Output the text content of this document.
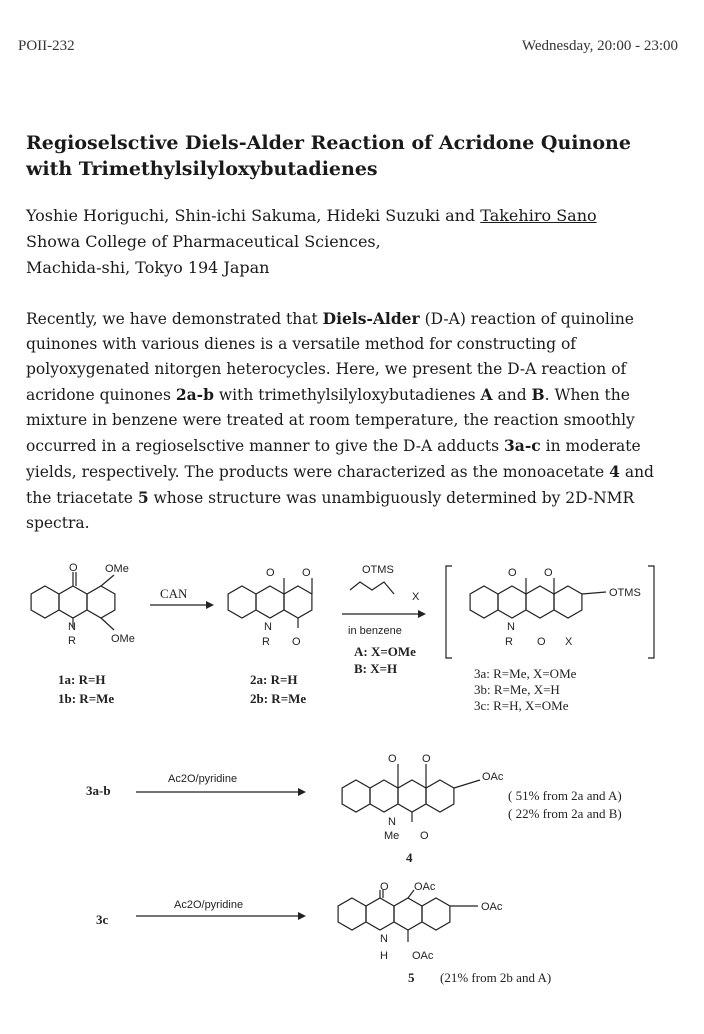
POII-232	Wednesday, 20:00 - 23:00
Regioselsctive Diels-Alder Reaction of Acridone Quinone
with Trimethylsilyloxybutadienes
Yoshie Horiguchi, Shin-ichi Sakuma, Hideki Suzuki and Takehiro Sano
Showa College of Pharmaceutical Sciences,
Machida-shi, Tokyo 194 Japan

Recently, we have demonstrated that Diels-Alder (D-A) reaction of quinoline quinones with various dienes is a versatile method for constructing of polyoxygenated nitorgen heterocycles. Here, we present the D-A reaction of acridone quinones 2a-b with trimethylsilyloxybutadienes A and B. When the mixture in benzene were treated at room temperature, the reaction smoothly occurred in a regioselsctive manner to give the D-A adducts 3a-c in moderate yields, respectively. The products were characterized as the monoacetate 4 and the triacetate 5 whose structure was unambiguously determined by 2D-NMR spectra.

O OMe
N
R	OMe
1a: R=H
1b: R=Me
CAN
O O
N
R O
2a: R=H
2b: R=Me
OTMS
X
in benzene
A: X=OMe
B: X=H
O O
OTMS
N
R O X
3a: R=Me, X=OMe
3b: R=Me, X=H
3c: R=H, X=OMe
3a-b
Ac2O/pyridine
O O
OAc
N
Me O
4
( 51% from 2a and A)
( 22% from 2a and B)
3c
Ac2O/pyridine
O OAc
OAc
N
H OAc
5 (21% from 2b and A)
